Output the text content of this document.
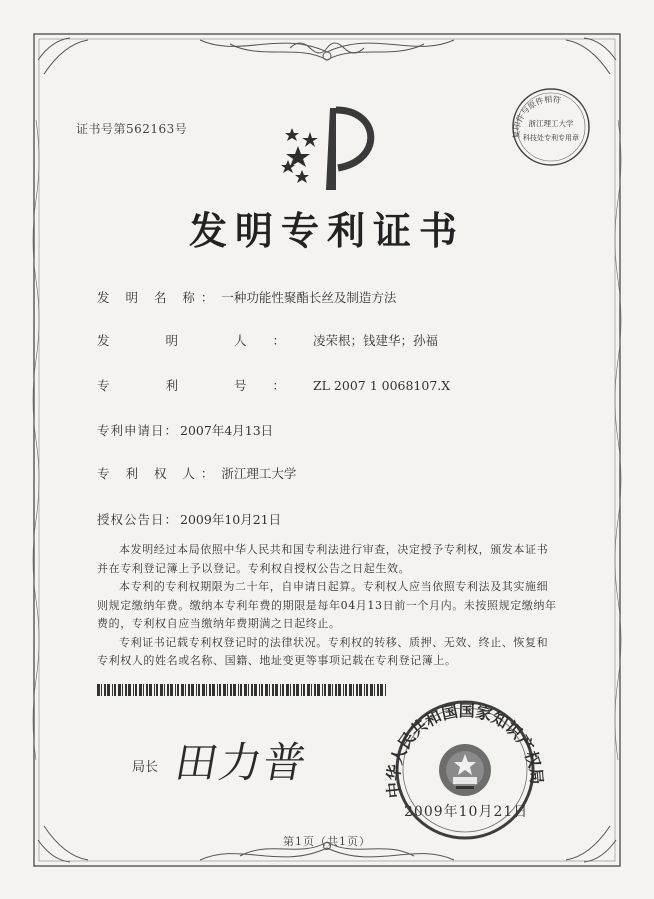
证书号第562163号
发明专利证书
发 明 名 称： 一种功能性聚酯长丝及制造方法
发 明 人： 凌荣根；钱建华；孙福
专 利 号： ZL 2007 1 0068107.X
专利申请日： 2007年4月13日
专 利 权 人： 浙江理工大学
授权公告日： 2009年10月21日

本发明经过本局依照中华人民共和国专利法进行审查，决定授予专利权，颁发本证书并在专利登记簿上予以登记。专利权自授权公告之日起生效。

本专利的专利权期限为二十年，自申请日起算。专利权人应当依照专利法及其实施细则规定缴纳年费。缴纳本专利年费的期限是每年04月13日前一个月内。未按照规定缴纳年费的，专利权自应当缴纳年费期满之日起终止。

专利证书记载专利权登记时的法律状况。专利权的转移、质押、无效、终止、恢复和专利权人的姓名或名称、国籍、地址变更等事项记载在专利登记簿上。

局长 田力普
中华人民共和国国家知识产权局
2009年10月21日
复印件与原件相符
浙江理工大学
科技处专利专用章
第1页（共1页）
